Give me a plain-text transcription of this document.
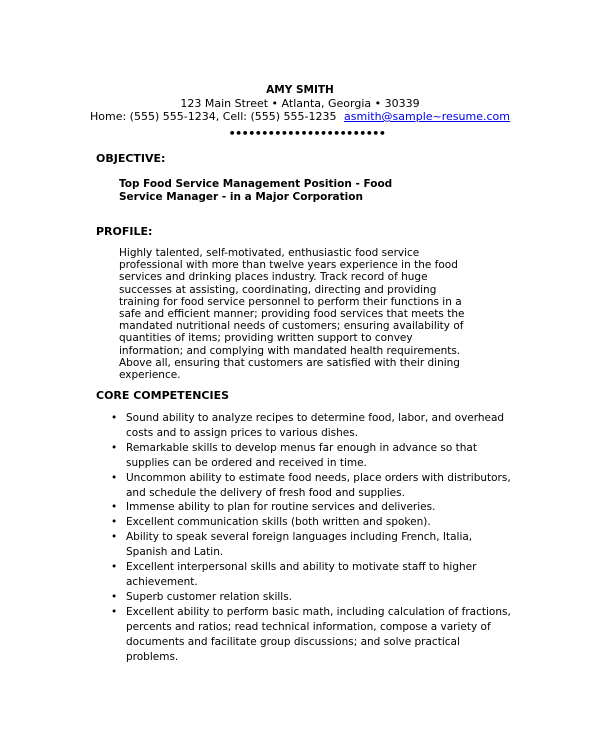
AMY SMITH
123 Main Street • Atlanta, Georgia • 30339
Home: (555) 555-1234, Cell: (555) 555-1235 asmith@sample~resume.com
••••••••••••••••••••••••
OBJECTIVE:
Top Food Service Management Position - Food Service Manager - in a Major Corporation
PROFILE:
Highly talented, self-motivated, enthusiastic food service professional with more than twelve years experience in the food services and drinking places industry. Track record of huge successes at assisting, coordinating, directing and providing training for food service personnel to perform their functions in a safe and efficient manner; providing food services that meets the mandated nutritional needs of customers; ensuring availability of quantities of items; providing written support to convey information; and complying with mandated health requirements. Above all, ensuring that customers are satisfied with their dining experience.
CORE COMPETENCIES
• Sound ability to analyze recipes to determine food, labor, and overhead costs and to assign prices to various dishes.
• Remarkable skills to develop menus far enough in advance so that supplies can be ordered and received in time.
• Uncommon ability to estimate food needs, place orders with distributors, and schedule the delivery of fresh food and supplies.
• Immense ability to plan for routine services and deliveries.
• Excellent communication skills (both written and spoken).
• Ability to speak several foreign languages including French, Italia, Spanish and Latin.
• Excellent interpersonal skills and ability to motivate staff to higher achievement.
• Superb customer relation skills.
• Excellent ability to perform basic math, including calculation of fractions, percents and ratios; read technical information, compose a variety of documents and facilitate group discussions; and solve practical problems.
